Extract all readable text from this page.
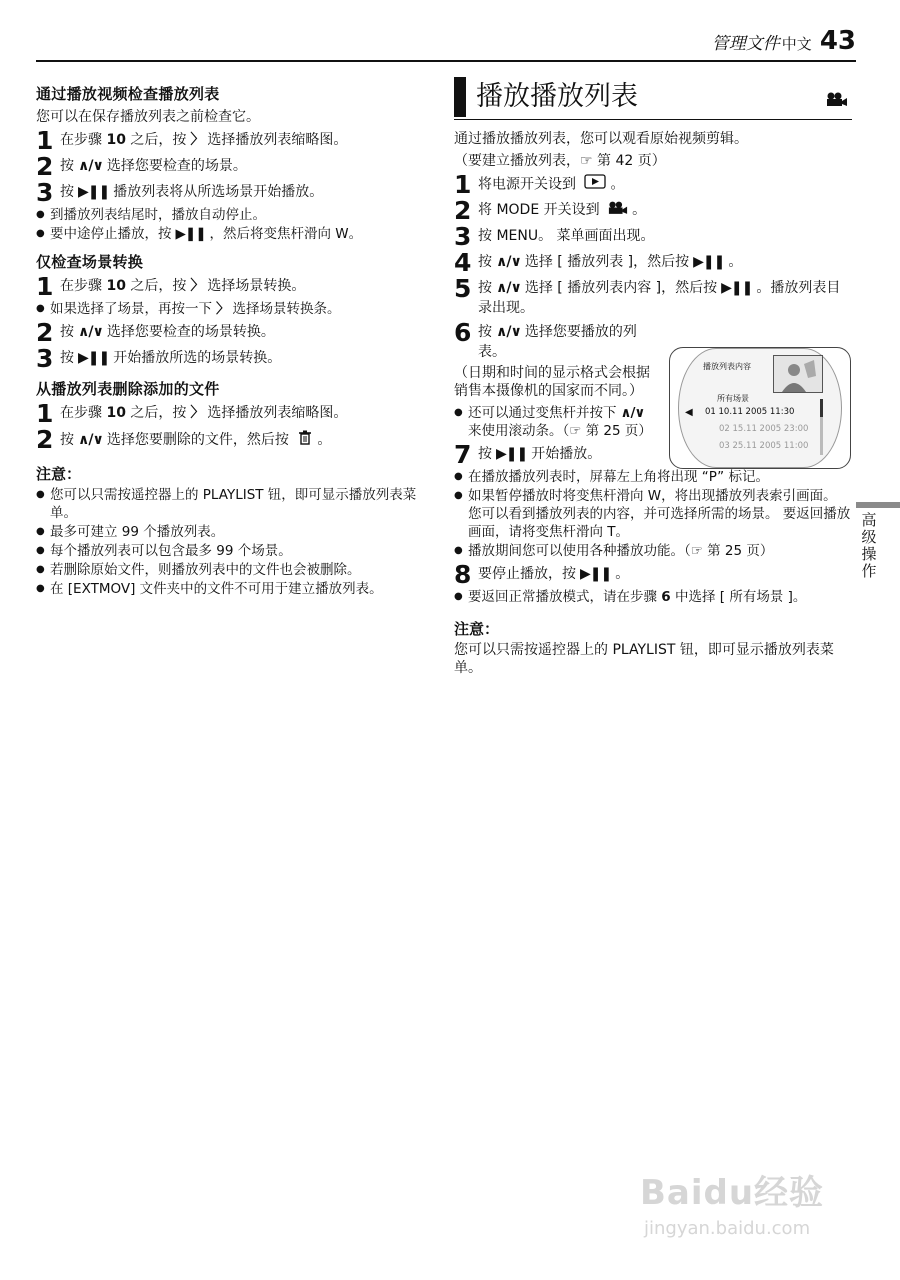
管理文件 中文 43
通过播放视频检查播放列表
您可以在保存播放列表之前检查它。
1 在步骤 10 之后，按 〉 选择播放列表缩略图。
2 按 ∧/∨ 选择您要检查的场景。
3 按 ▶❚❚ 播放列表将从所选场景开始播放。
● 到播放列表结尾时，播放自动停止。
● 要中途停止播放，按 ▶❚❚ ，然后将变焦杆滑向 W。
仅检查场景转换
1 在步骤 10 之后，按 〉 选择场景转换。
● 如果选择了场景，再按一下 〉 选择场景转换条。
2 按 ∧/∨ 选择您要检查的场景转换。
3 按 ▶❚❚ 开始播放所选的场景转换。
从播放列表删除添加的文件
1 在步骤 10 之后，按 〉 选择播放列表缩略图。
2 按 ∧/∨ 选择您要删除的文件，然后按 。
注意：
● 您可以只需按遥控器上的 PLAYLIST 钮，即可显示播放列表菜单。
● 最多可建立 99 个播放列表。
● 每个播放列表可以包含最多 99 个场景。
● 若删除原始文件，则播放列表中的文件也会被删除。
● 在 [EXTMOV] 文件夹中的文件不可用于建立播放列表。
播放播放列表
通过播放播放列表，您可以观看原始视频剪辑。
（要建立播放列表，☞ 第 42 页）
1 将电源开关设到 。
2 将 MODE 开关设到 。
3 按 MENU。 菜单画面出现。
4 按 ∧/∨ 选择 [ 播放列表 ]，然后按 ▶❚❚ 。
5 按 ∧/∨ 选择 [ 播放列表内容 ]，然后按 ▶❚❚ 。播放列表目录出现。
6 按 ∧/∨ 选择您要播放的列表。
（日期和时间的显示格式会根据销售本摄像机的国家而不同。）
● 还可以通过变焦杆并按下 ∧/∨来使用滚动条。（☞ 第 25 页）
播放列表内容
所有场景
◀ 01 10.11 2005 11:30
02 15.11 2005 23:00
03 25.11 2005 11:00
7 按 ▶❚❚ 开始播放。
● 在播放播放列表时，屏幕左上角将出现 “P” 标记。
● 如果暂停播放时将变焦杆滑向 W，将出现播放列表索引画面。 您可以看到播放列表的内容，并可选择所需的场景。 要返回播放画面，请将变焦杆滑向 T。
● 播放期间您可以使用各种播放功能。（☞ 第 25 页）
8 要停止播放，按 ▶❚❚ 。
● 要返回正常播放模式，请在步骤 6 中选择 [ 所有场景 ]。
注意：
您可以只需按遥控器上的 PLAYLIST 钮，即可显示播放列表菜单。
高级操作
Baidu经验
jingyan.baidu.com
